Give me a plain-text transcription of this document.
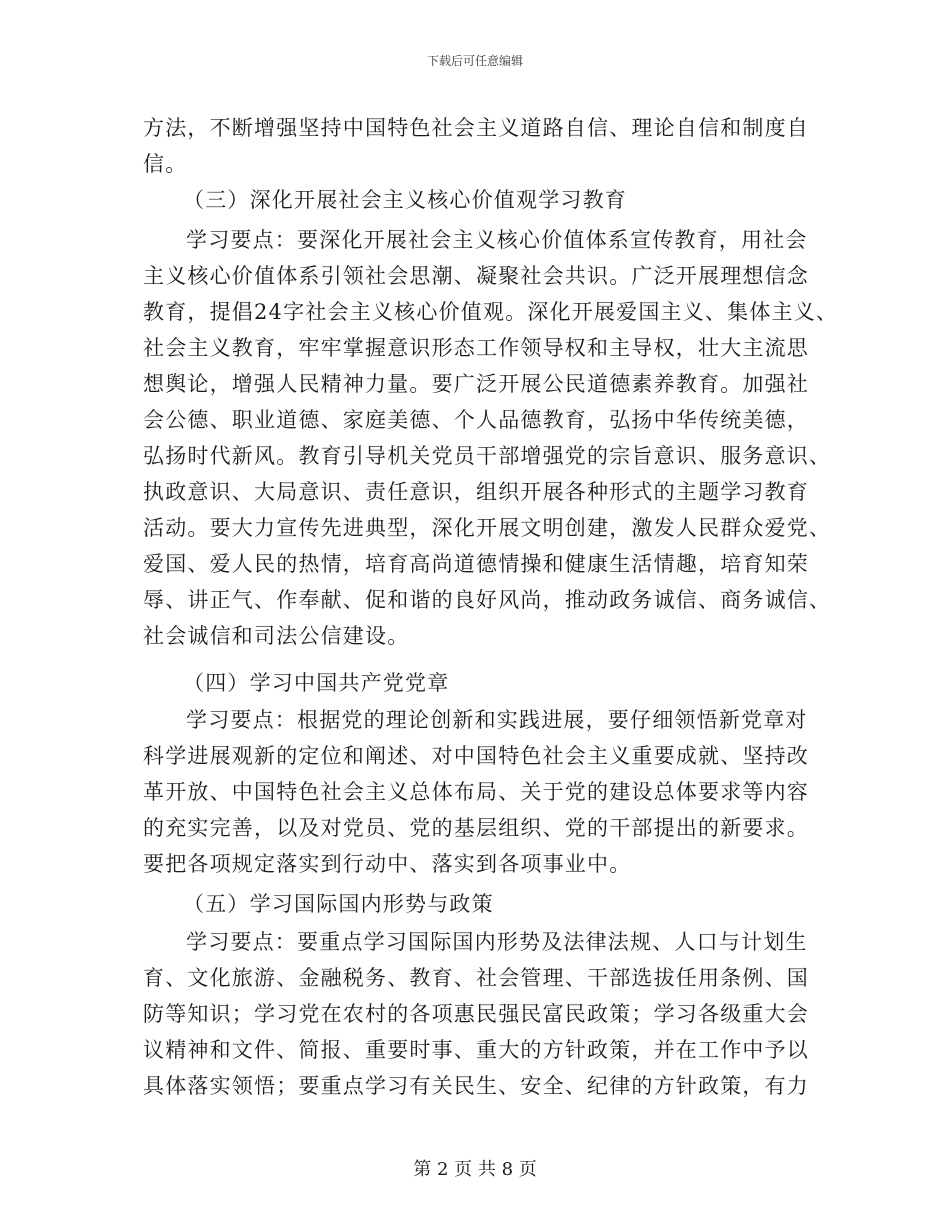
下载后可任意编辑
方法，不断增强坚持中国特色社会主义道路自信、理论自信和制度自
信。
（三）深化开展社会主义核心价值观学习教育
学习要点：要深化开展社会主义核心价值体系宣传教育，用社会
主义核心价值体系引领社会思潮、凝聚社会共识。广泛开展理想信念
教育，提倡24字社会主义核心价值观。深化开展爱国主义、集体主义、
社会主义教育，牢牢掌握意识形态工作领导权和主导权，壮大主流思
想舆论，增强人民精神力量。要广泛开展公民道德素养教育。加强社
会公德、职业道德、家庭美德、个人品德教育，弘扬中华传统美德，
弘扬时代新风。教育引导机关党员干部增强党的宗旨意识、服务意识、
执政意识、大局意识、责任意识，组织开展各种形式的主题学习教育
活动。要大力宣传先进典型，深化开展文明创建，激发人民群众爱党、
爱国、爱人民的热情，培育高尚道德情操和健康生活情趣，培育知荣
辱、讲正气、作奉献、促和谐的良好风尚，推动政务诚信、商务诚信、
社会诚信和司法公信建设。
（四）学习中国共产党党章
学习要点：根据党的理论创新和实践进展，要仔细领悟新党章对
科学进展观新的定位和阐述、对中国特色社会主义重要成就、坚持改
革开放、中国特色社会主义总体布局、关于党的建设总体要求等内容
的充实完善，以及对党员、党的基层组织、党的干部提出的新要求。
要把各项规定落实到行动中、落实到各项事业中。
（五）学习国际国内形势与政策
学习要点：要重点学习国际国内形势及法律法规、人口与计划生
育、文化旅游、金融税务、教育、社会管理、干部选拔任用条例、国
防等知识；学习党在农村的各项惠民强民富民政策；学习各级重大会
议精神和文件、简报、重要时事、重大的方针政策，并在工作中予以
具体落实领悟；要重点学习有关民生、安全、纪律的方针政策，有力
第 2 页 共 8 页
